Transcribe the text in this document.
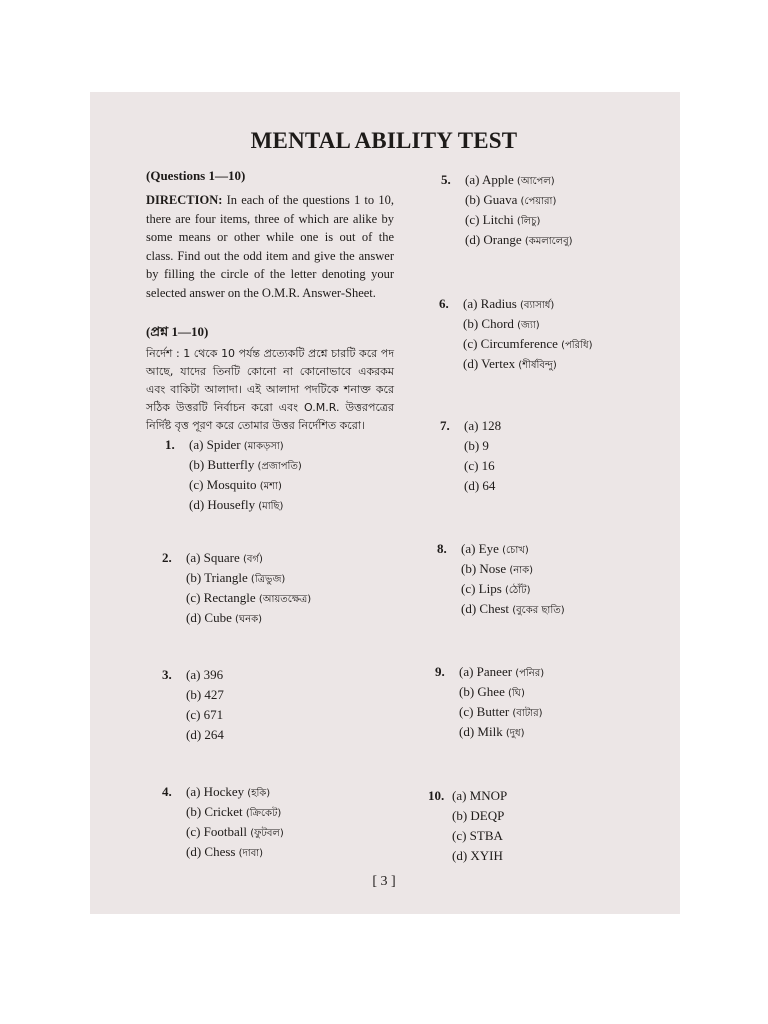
MENTAL ABILITY TEST
(Questions 1—10)
DIRECTION: In each of the questions 1 to 10, there are four items, three of which are alike by some means or other while one is out of the class. Find out the odd item and give the answer by filling the circle of the letter denoting your selected answer on the O.M.R. Answer-Sheet.
(প্রশ্ন 1—10)
নির্দেশ : 1 থেকে 10 পর্যন্ত প্রত্যেকটি প্রশ্নে চারটি করে পদ আছে, যাদের তিনটি কোনো না কোনোভাবে একরকম এবং বাকিটা আলাদা। এই আলাদা পদটিকে শনাক্ত করে সঠিক উত্তরটি নির্বাচন করো এবং O.M.R. উত্তরপত্রের নির্দিষ্ট বৃত্ত পূরণ করে তোমার উত্তর নির্দেশিত করো।
1. (a) Spider (মাকড়সা)
(b) Butterfly (প্রজাপতি)
(c) Mosquito (মশা)
(d) Housefly (মাছি)
2. (a) Square (বর্গ)
(b) Triangle (ত্রিভুজ)
(c) Rectangle (আয়তক্ষেত্র)
(d) Cube (ঘনক)
3. (a) 396
(b) 427
(c) 671
(d) 264
4. (a) Hockey (হকি)
(b) Cricket (ক্রিকেট)
(c) Football (ফুটবল)
(d) Chess (দাবা)
5. (a) Apple (আপেল)
(b) Guava (পেয়ারা)
(c) Litchi (লিচু)
(d) Orange (কমলালেবু)
6. (a) Radius (ব্যাসার্ধ)
(b) Chord (জ্যা)
(c) Circumference (পরিধি)
(d) Vertex (শীর্ষবিন্দু)
7. (a) 128
(b) 9
(c) 16
(d) 64
8. (a) Eye (চোখ)
(b) Nose (নাক)
(c) Lips (ঠোঁট)
(d) Chest (বুকের ছাতি)
9. (a) Paneer (পনির)
(b) Ghee (ঘি)
(c) Butter (বাটার)
(d) Milk (দুধ)
10. (a) MNOP
(b) DEQP
(c) STBA
(d) XYIH
[ 3 ]
